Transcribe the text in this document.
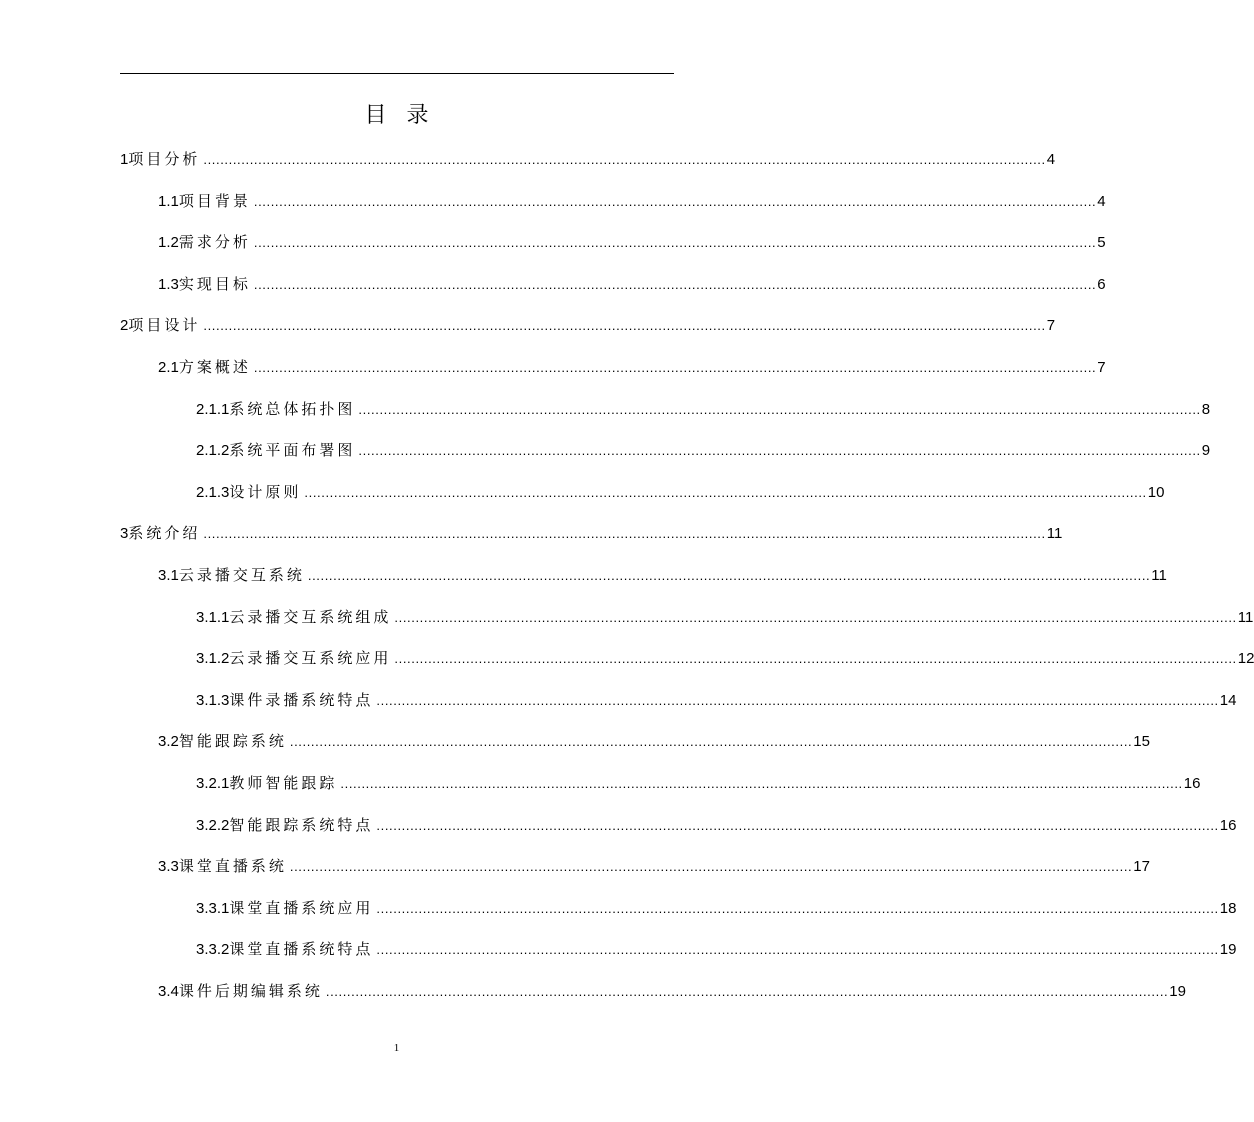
目录
1 项目分析 ........................................................................................................................................................................................................ 4
1.1 项目背景 ........................................................................................................................................................................................................ 4
1.2 需求分析 ........................................................................................................................................................................................................ 5
1.3 实现目标 ........................................................................................................................................................................................................ 6
2 项目设计 ........................................................................................................................................................................................................ 7
2.1 方案概述 ........................................................................................................................................................................................................ 7
2.1.1 系统总体拓扑图 ........................................................................................................................................................................................................ 8
2.1.2 系统平面布署图 ........................................................................................................................................................................................................ 9
2.1.3 设计原则 ........................................................................................................................................................................................................ 10
3 系统介绍 ........................................................................................................................................................................................................ 11
3.1 云录播交互系统 ........................................................................................................................................................................................................ 11
3.1.1 云录播交互系统组成 ........................................................................................................................................................................................................ 11
3.1.2 云录播交互系统应用 ........................................................................................................................................................................................................ 12
3.1.3 课件录播系统特点 ........................................................................................................................................................................................................ 14
3.2 智能跟踪系统 ........................................................................................................................................................................................................ 15
3.2.1 教师智能跟踪 ........................................................................................................................................................................................................ 16
3.2.2 智能跟踪系统特点 ........................................................................................................................................................................................................ 16
3.3 课堂直播系统 ........................................................................................................................................................................................................ 17
3.3.1 课堂直播系统应用 ........................................................................................................................................................................................................ 18
3.3.2 课堂直播系统特点 ........................................................................................................................................................................................................ 19
3.4 课件后期编辑系统 ........................................................................................................................................................................................................ 19
1
